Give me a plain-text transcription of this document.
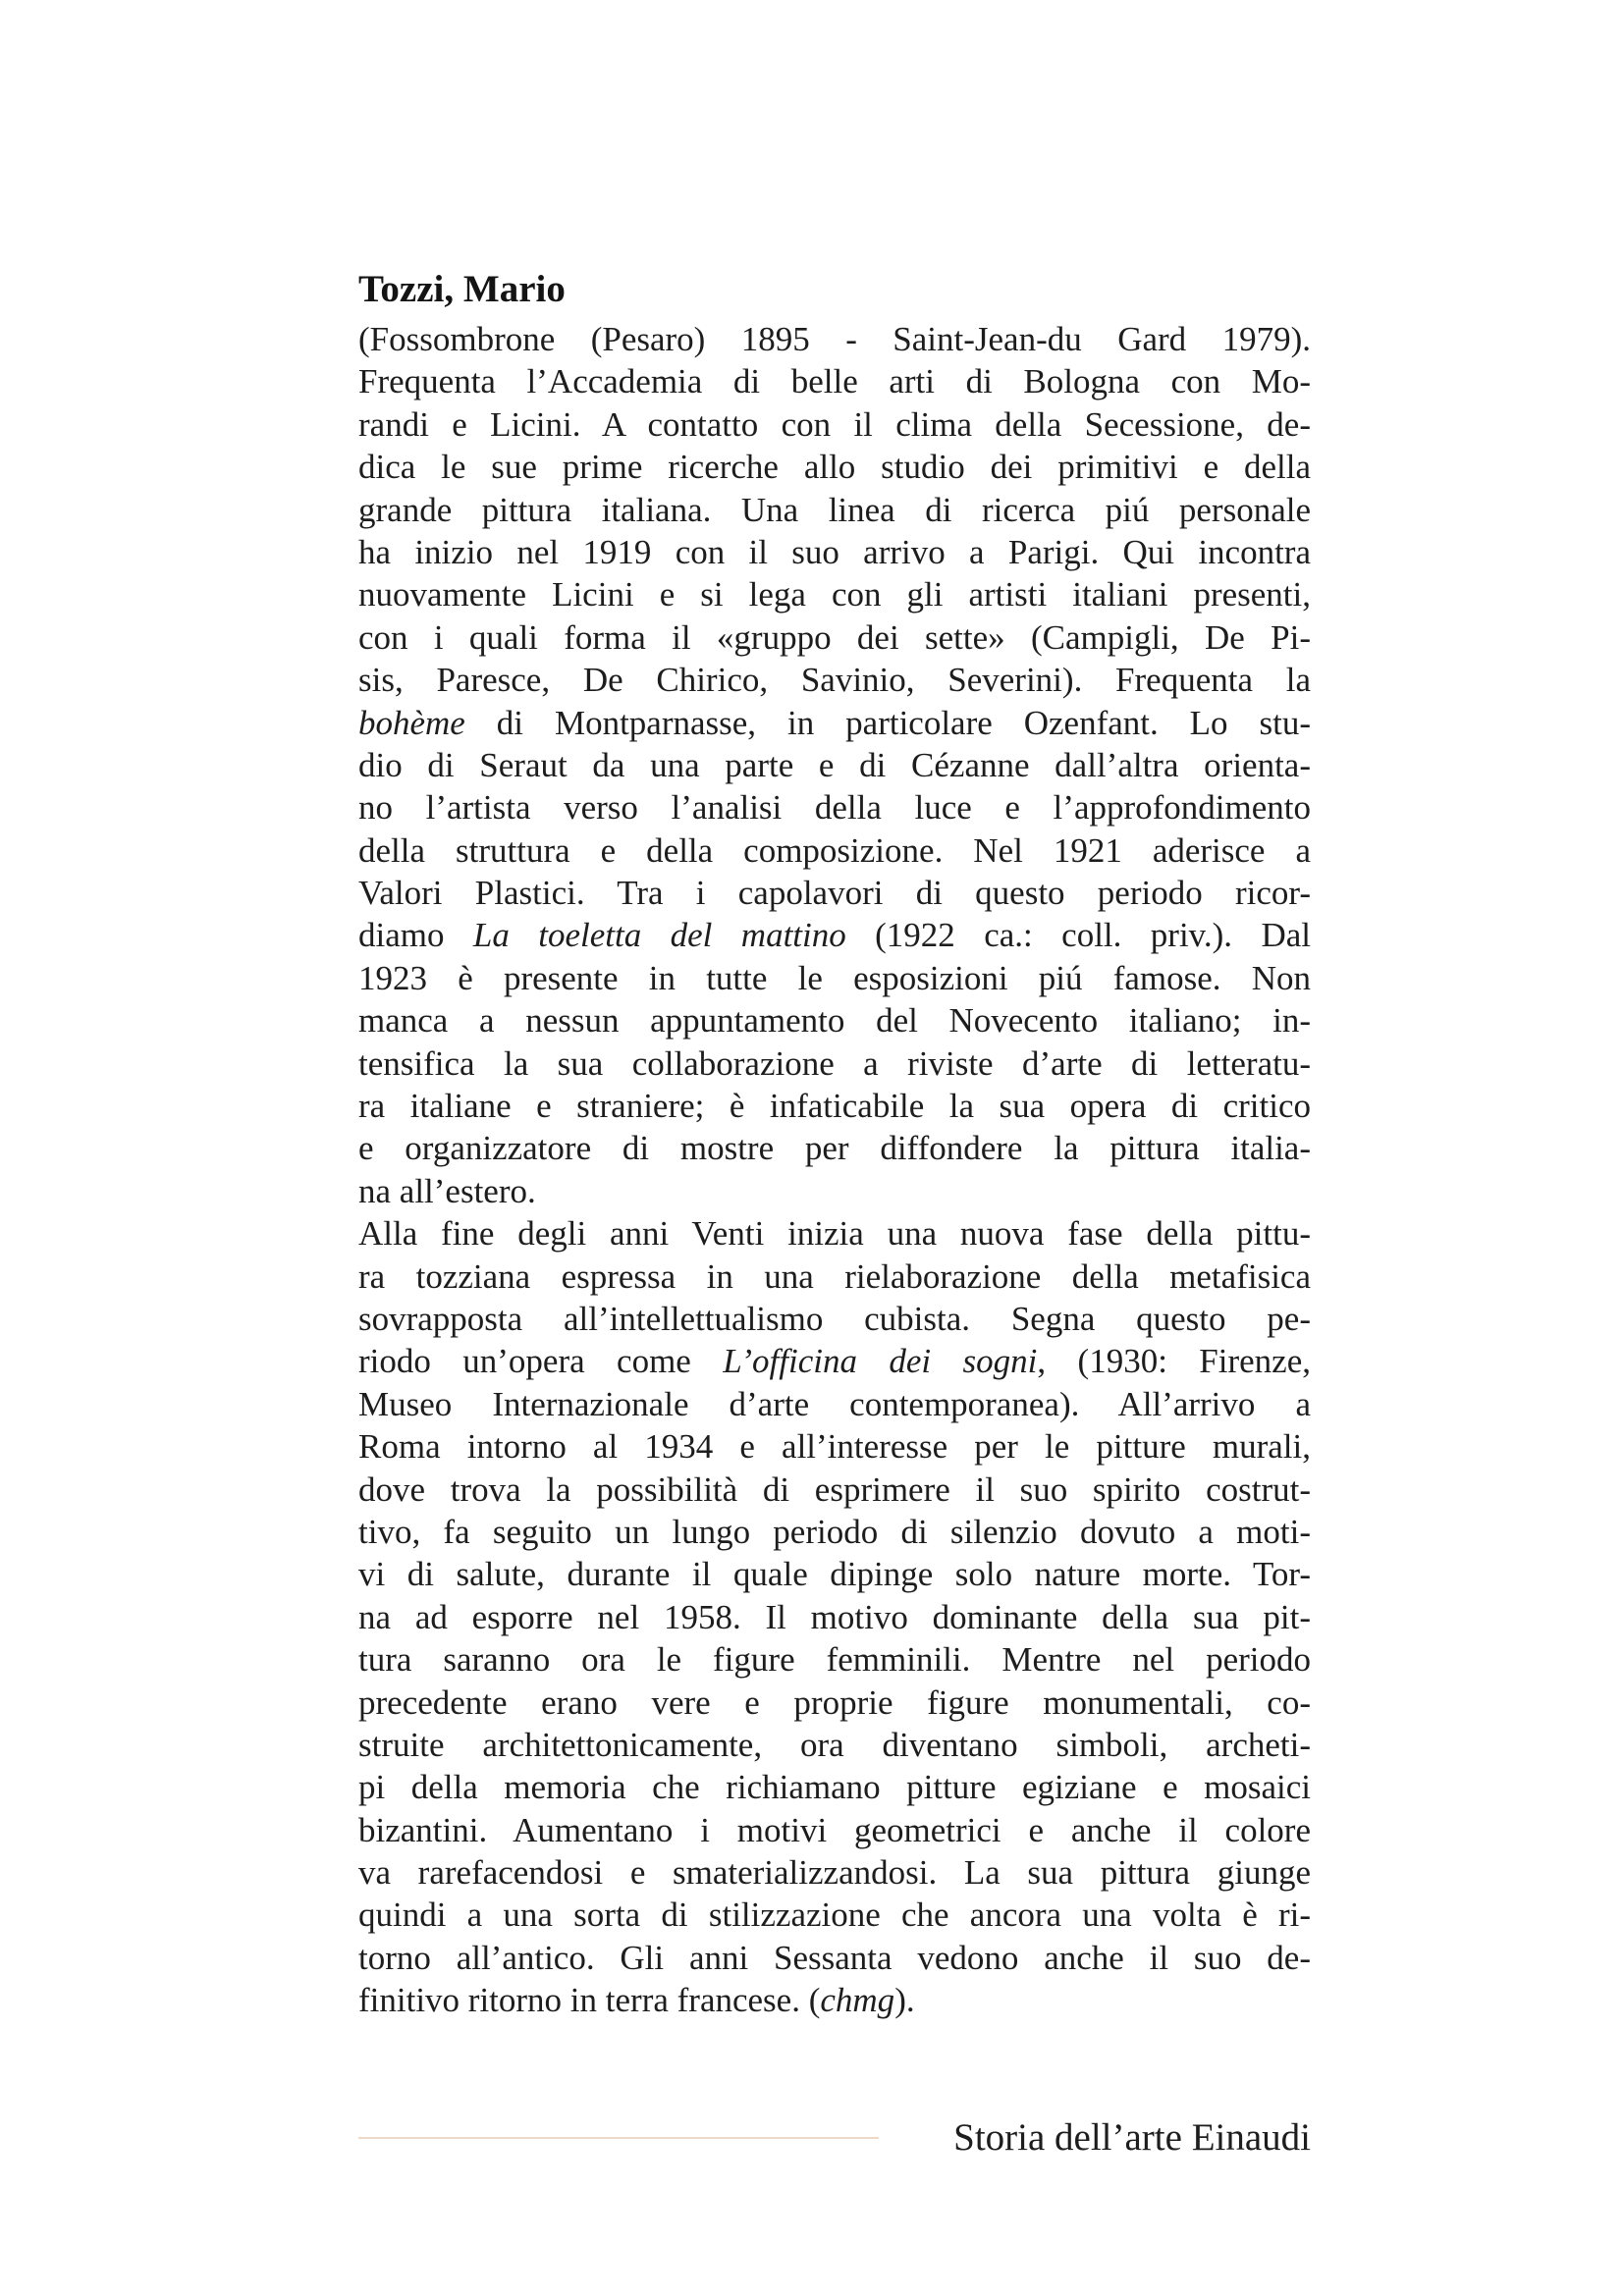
Tozzi, Mario
(Fossombrone (Pesaro) 1895 - Saint-Jean-du Gard 1979).
Frequenta l’Accademia di belle arti di Bologna con Mo-
randi e Licini. A contatto con il clima della Secessione, de-
dica le sue prime ricerche allo studio dei primitivi e della
grande pittura italiana. Una linea di ricerca piú personale
ha inizio nel 1919 con il suo arrivo a Parigi. Qui incontra
nuovamente Licini e si lega con gli artisti italiani presenti,
con i quali forma il «gruppo dei sette» (Campigli, De Pi-
sis, Paresce, De Chirico, Savinio, Severini). Frequenta la
bohème di Montparnasse, in particolare Ozenfant. Lo stu-
dio di Seraut da una parte e di Cézanne dall’altra orienta-
no l’artista verso l’analisi della luce e l’approfondimento
della struttura e della composizione. Nel 1921 aderisce a
Valori Plastici. Tra i capolavori di questo periodo ricor-
diamo La toeletta del mattino (1922 ca.: coll. priv.). Dal
1923 è presente in tutte le esposizioni piú famose. Non
manca a nessun appuntamento del Novecento italiano; in-
tensifica la sua collaborazione a riviste d’arte di letteratu-
ra italiane e straniere; è infaticabile la sua opera di critico
e organizzatore di mostre per diffondere la pittura italia-
na all’estero.
Alla fine degli anni Venti inizia una nuova fase della pittu-
ra tozziana espressa in una rielaborazione della metafisica
sovrapposta all’intellettualismo cubista. Segna questo pe-
riodo un’opera come L’officina dei sogni, (1930: Firenze,
Museo Internazionale d’arte contemporanea). All’arrivo a
Roma intorno al 1934 e all’interesse per le pitture murali,
dove trova la possibilità di esprimere il suo spirito costrut-
tivo, fa seguito un lungo periodo di silenzio dovuto a moti-
vi di salute, durante il quale dipinge solo nature morte. Tor-
na ad esporre nel 1958. Il motivo dominante della sua pit-
tura saranno ora le figure femminili. Mentre nel periodo
precedente erano vere e proprie figure monumentali, co-
struite architettonicamente, ora diventano simboli, archeti-
pi della memoria che richiamano pitture egiziane e mosaici
bizantini. Aumentano i motivi geometrici e anche il colore
va rarefacendosi e smaterializzandosi. La sua pittura giunge
quindi a una sorta di stilizzazione che ancora una volta è ri-
torno all’antico. Gli anni Sessanta vedono anche il suo de-
finitivo ritorno in terra francese. (chmg).
Storia dell’arte Einaudi
